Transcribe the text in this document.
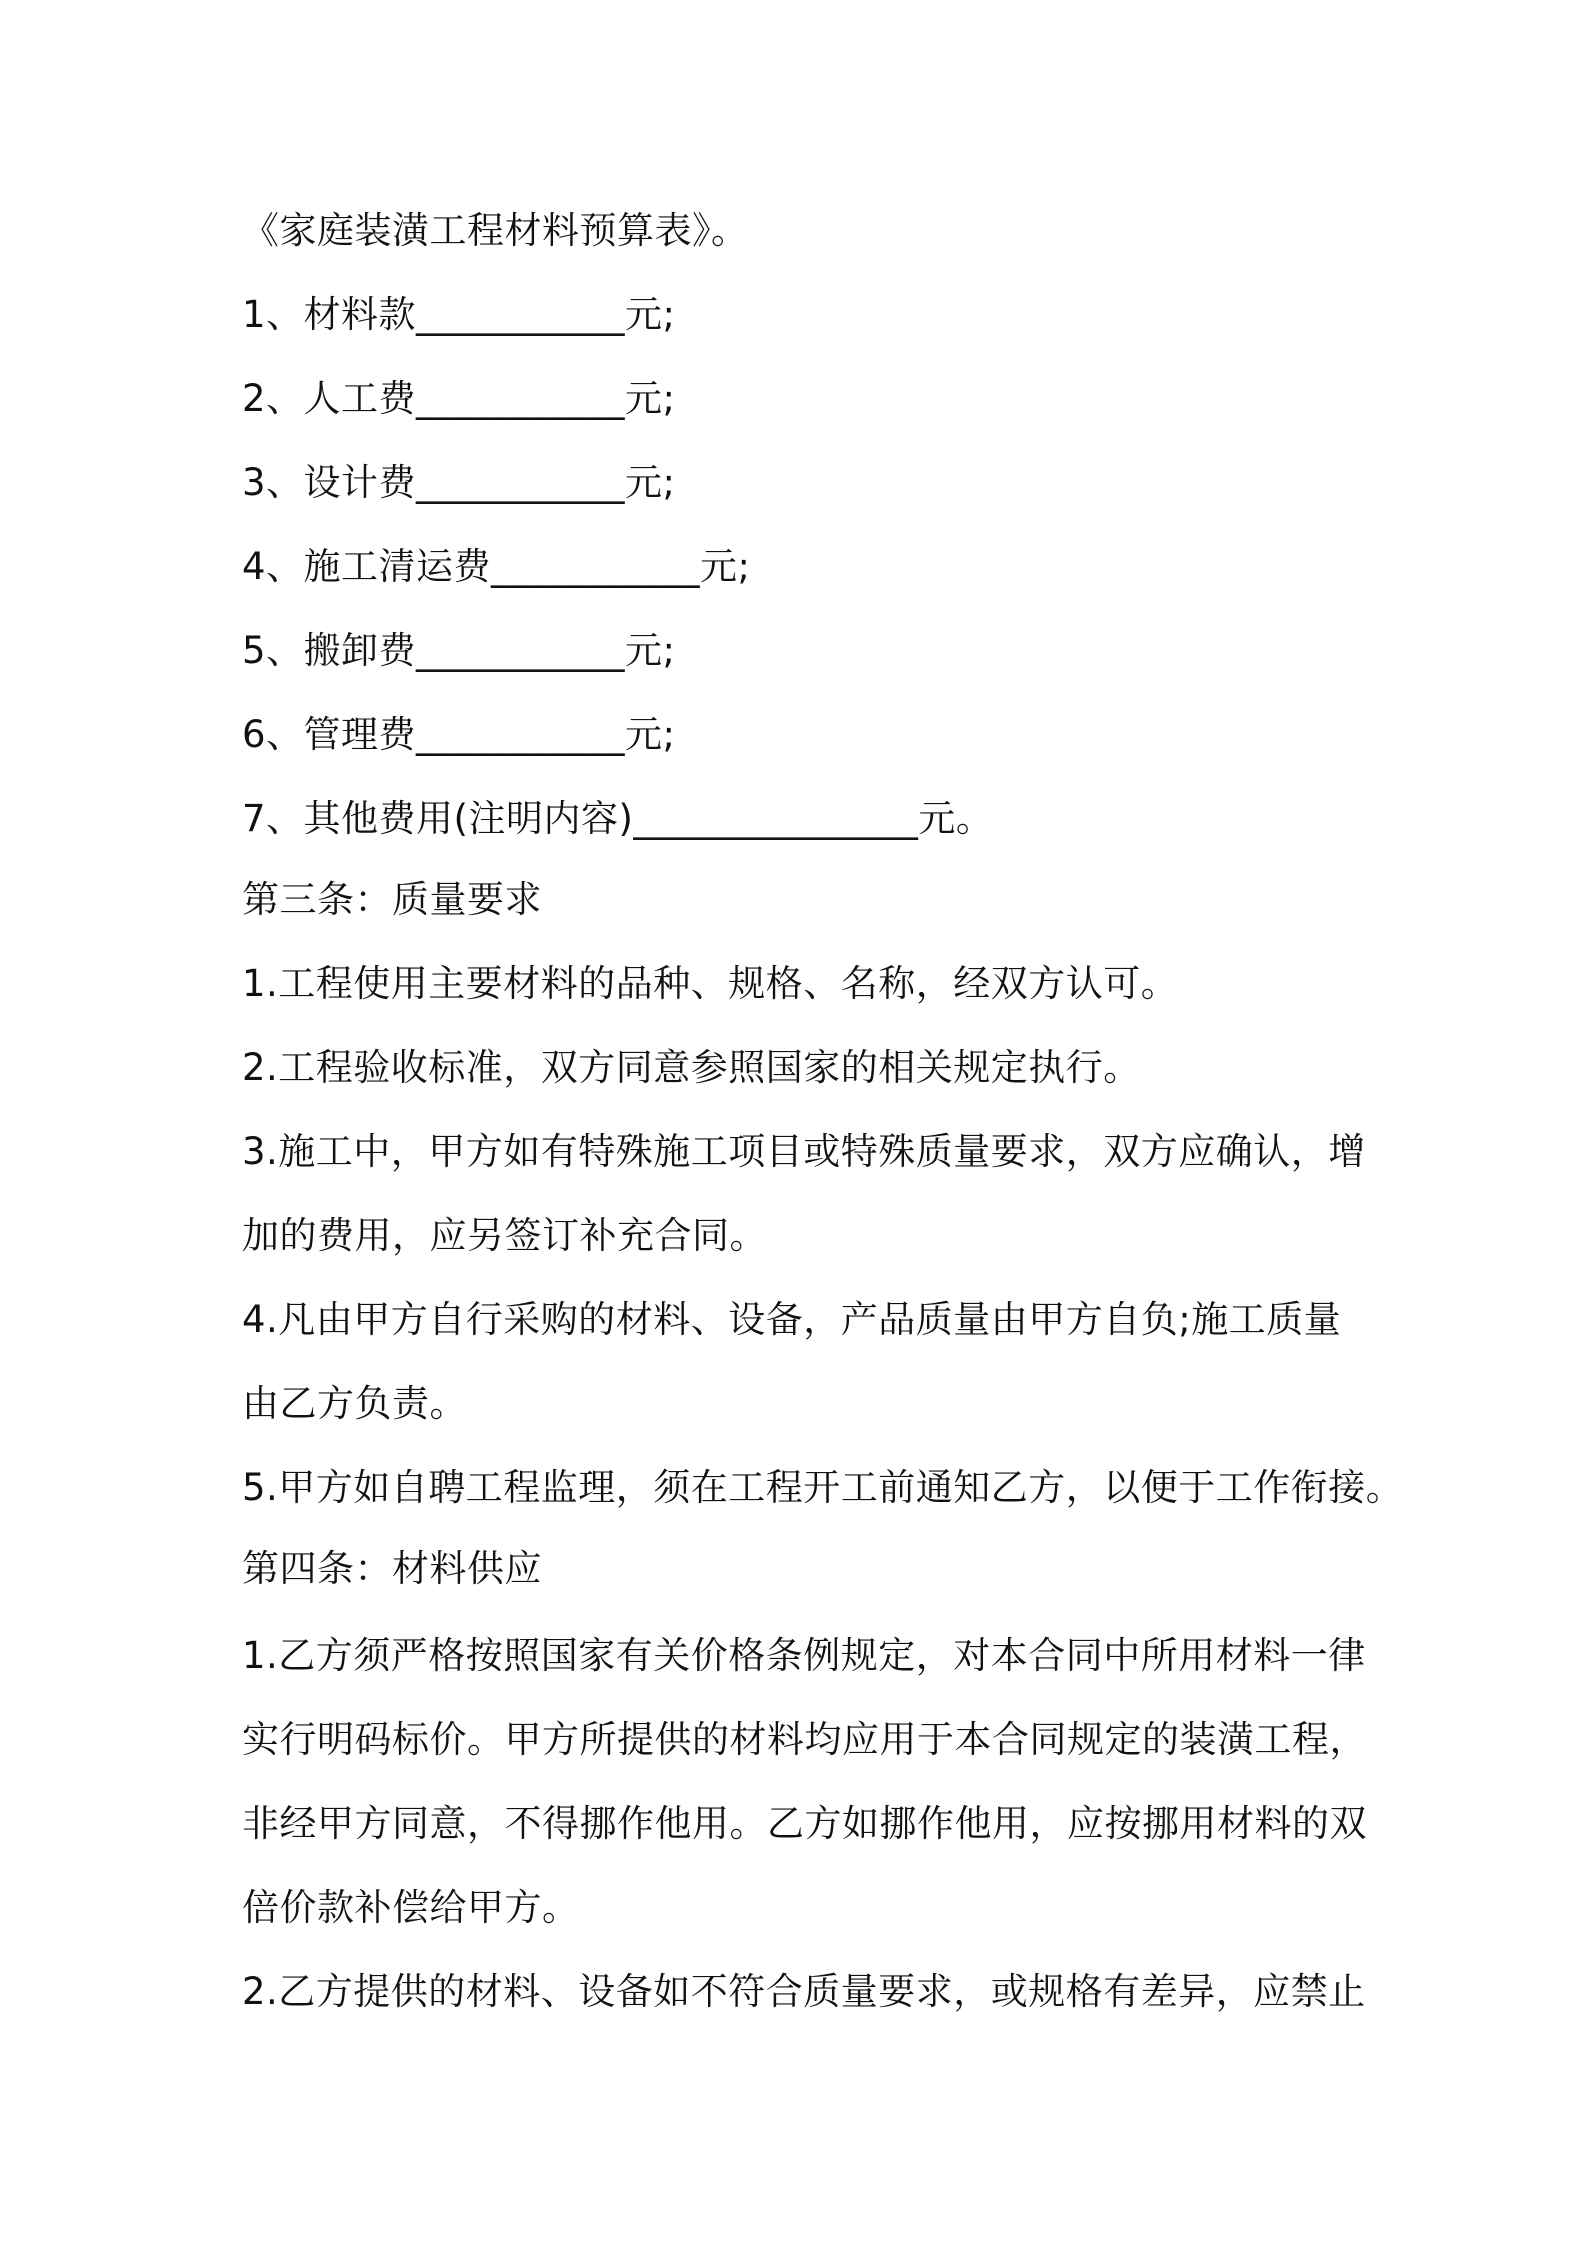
《家庭装潢工程材料预算表》。
1、材料款___________元;
2、人工费___________元;
3、设计费___________元;
4、施工清运费___________元;
5、搬卸费___________元;
6、管理费___________元;
7、其他费用(注明内容)_______________元。
第三条：质量要求
1.工程使用主要材料的品种、规格、名称，经双方认可。
2.工程验收标准，双方同意参照国家的相关规定执行。
3.施工中，甲方如有特殊施工项目或特殊质量要求，双方应确认，增
加的费用，应另签订补充合同。
4.凡由甲方自行采购的材料、设备，产品质量由甲方自负;施工质量
由乙方负责。
5.甲方如自聘工程监理，须在工程开工前通知乙方，以便于工作衔接。
第四条：材料供应
1.乙方须严格按照国家有关价格条例规定，对本合同中所用材料一律
实行明码标价。甲方所提供的材料均应用于本合同规定的装潢工程，
非经甲方同意，不得挪作他用。乙方如挪作他用，应按挪用材料的双
倍价款补偿给甲方。
2.乙方提供的材料、设备如不符合质量要求，或规格有差异，应禁止
